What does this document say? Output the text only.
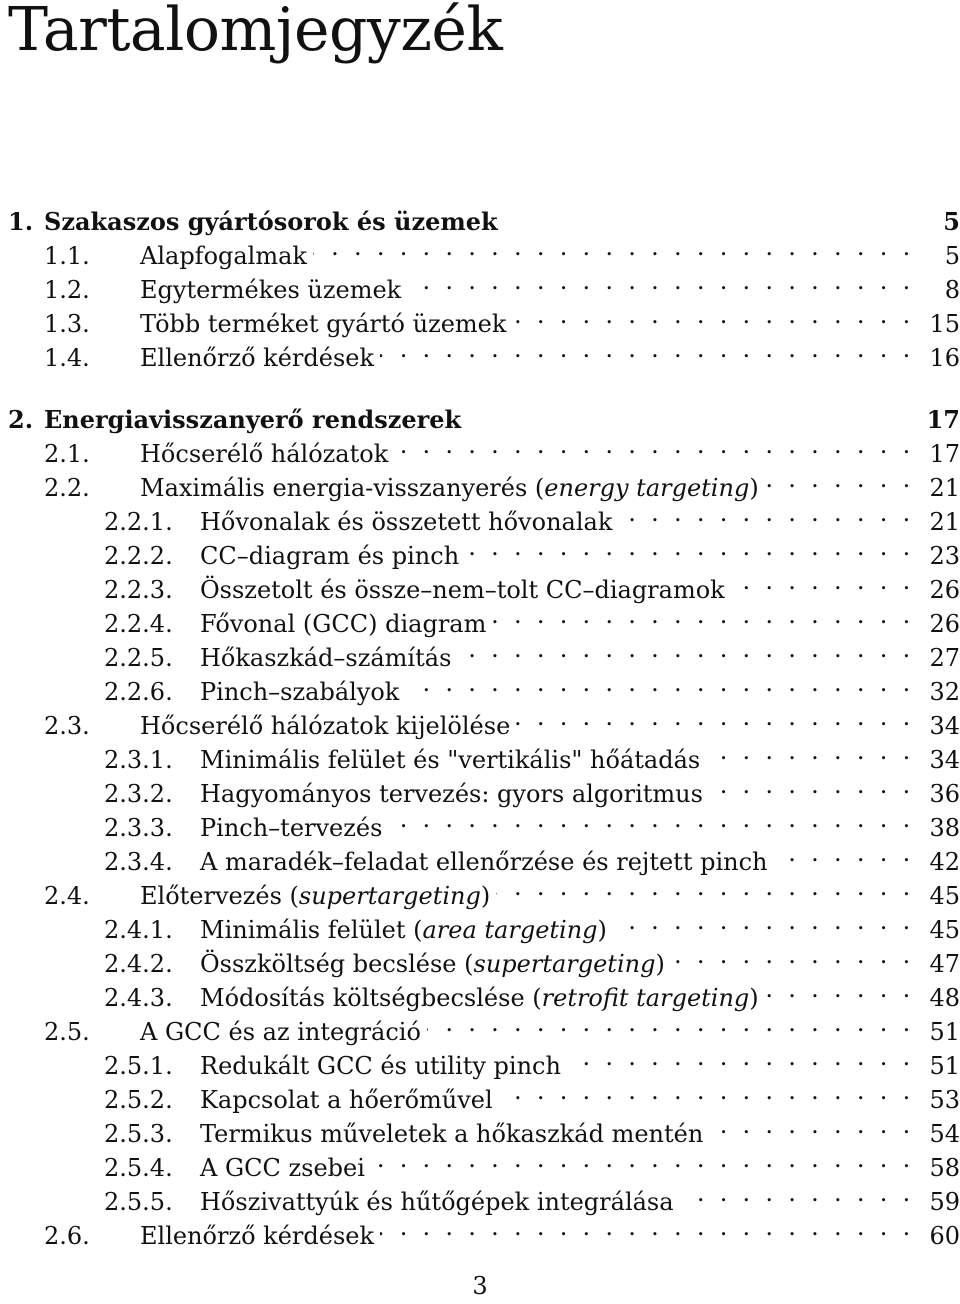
Tartalomjegyzék
1. Szakaszos gyártósorok és üzemek	5
1.1.	Alapfogalmak . . .	5
1.2.	Egytermékes üzemek . . .	8
1.3.	Több terméket gyártó üzemek . . .	15
1.4.	Ellenőrző kérdések . . .	16
2. Energiavisszanyerő rendszerek	17
2.1.	Hőcserélő hálózatok . . .	17
2.2.	Maximális energia-visszanyerés (energy targeting) . . .	21
2.2.1.	Hővonalak és összetett hővonalak . . .	21
2.2.2.	CC–diagram és pinch . . .	23
2.2.3.	Összetolt és össze–nem–tolt CC–diagramok . . .	26
2.2.4.	Fővonal (GCC) diagram . . .	26
2.2.5.	Hőkaszkád–számítás . . .	27
2.2.6.	Pinch–szabályok . . .	32
2.3.	Hőcserélő hálózatok kijelölése . . .	34
2.3.1.	Minimális felület és "vertikális" hőátadás . . .	34
2.3.2.	Hagyományos tervezés: gyors algoritmus . . .	36
2.3.3.	Pinch–tervezés . . .	38
2.3.4.	A maradék–feladat ellenőrzése és rejtett pinch . . .	42
2.4.	Előtervezés (supertargeting) . . .	45
2.4.1.	Minimális felület (area targeting) . . .	45
2.4.2.	Összköltség becslése (supertargeting) . . .	47
2.4.3.	Módosítás költségbecslése (retrofit targeting) . . .	48
2.5.	A GCC és az integráció . . .	51
2.5.1.	Redukált GCC és utility pinch . . .	51
2.5.2.	Kapcsolat a hőerőművel . . .	53
2.5.3.	Termikus műveletek a hőkaszkád mentén . . .	54
2.5.4.	A GCC zsebei . . .	58
2.5.5.	Hőszivattyúk és hűtőgépek integrálása . . .	59
2.6.	Ellenőrző kérdések . . .	60
3
